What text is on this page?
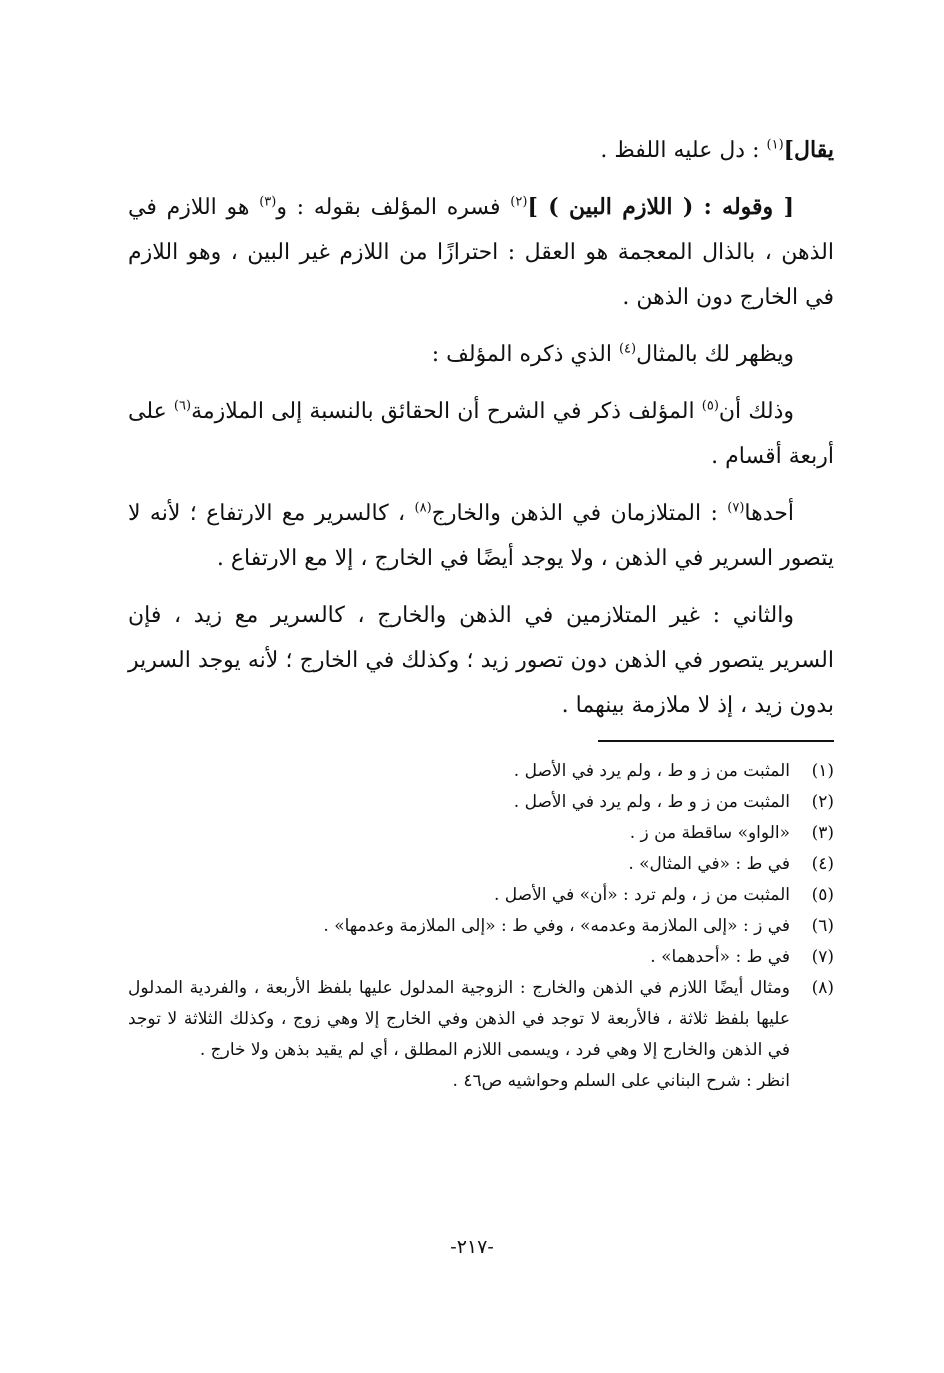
يقال]$^{(١)}$ : دل عليه اللفظ .

[ وقوله : ( اللازم البين ) ]$^{(٢)}$ فسره المؤلف بقوله : و$^{(٣)}$ هو اللازم في الذهن ، بالذال المعجمة هو العقل : احترازًا من اللازم غير البين ، وهو اللازم في الخارج دون الذهن .

ويظهر لك بالمثال$^{(٤)}$ الذي ذكره المؤلف :

وذلك أن$^{(٥)}$ المؤلف ذكر في الشرح أن الحقائق بالنسبة إلى الملازمة$^{(٦)}$ على أربعة أقسام .

أحدها$^{(٧)}$ : المتلازمان في الذهن والخارج$^{(٨)}$ ، كالسرير مع الارتفاع ؛ لأنه لا يتصور السرير في الذهن ، ولا يوجد أيضًا في الخارج ، إلا مع الارتفاع .

والثاني : غير المتلازمين في الذهن والخارج ، كالسرير مع زيد ، فإن السرير يتصور في الذهن دون تصور زيد ؛ وكذلك في الخارج ؛ لأنه يوجد السرير بدون زيد ، إذ لا ملازمة بينهما .

(١)
المثبت من ز و ط ، ولم يرد في الأصل .
(٢)
المثبت من ز و ط ، ولم يرد في الأصل .
(٣)
«الواو» ساقطة من ز .
(٤)
في ط : «في المثال» .
(٥)
المثبت من ز ، ولم ترد : «أن» في الأصل .
(٦)
في ز : «إلى الملازمة وعدمه» ، وفي ط : «إلى الملازمة وعدمها» .
(٧)
في ط : «أحدهما» .
(٨)
ومثال أيضًا اللازم في الذهن والخارج : الزوجية المدلول عليها بلفظ الأربعة ، والفردية المدلول عليها بلفظ ثلاثة ، فالأربعة لا توجد في الذهن وفي الخارج إلا وهي زوج ، وكذلك الثلاثة لا توجد في الذهن والخارج إلا وهي فرد ، ويسمى اللازم المطلق ، أي لم يقيد بذهن ولا خارج .
انظر : شرح البناني على السلم وحواشيه ص٤٦ .
-٢١٧-
